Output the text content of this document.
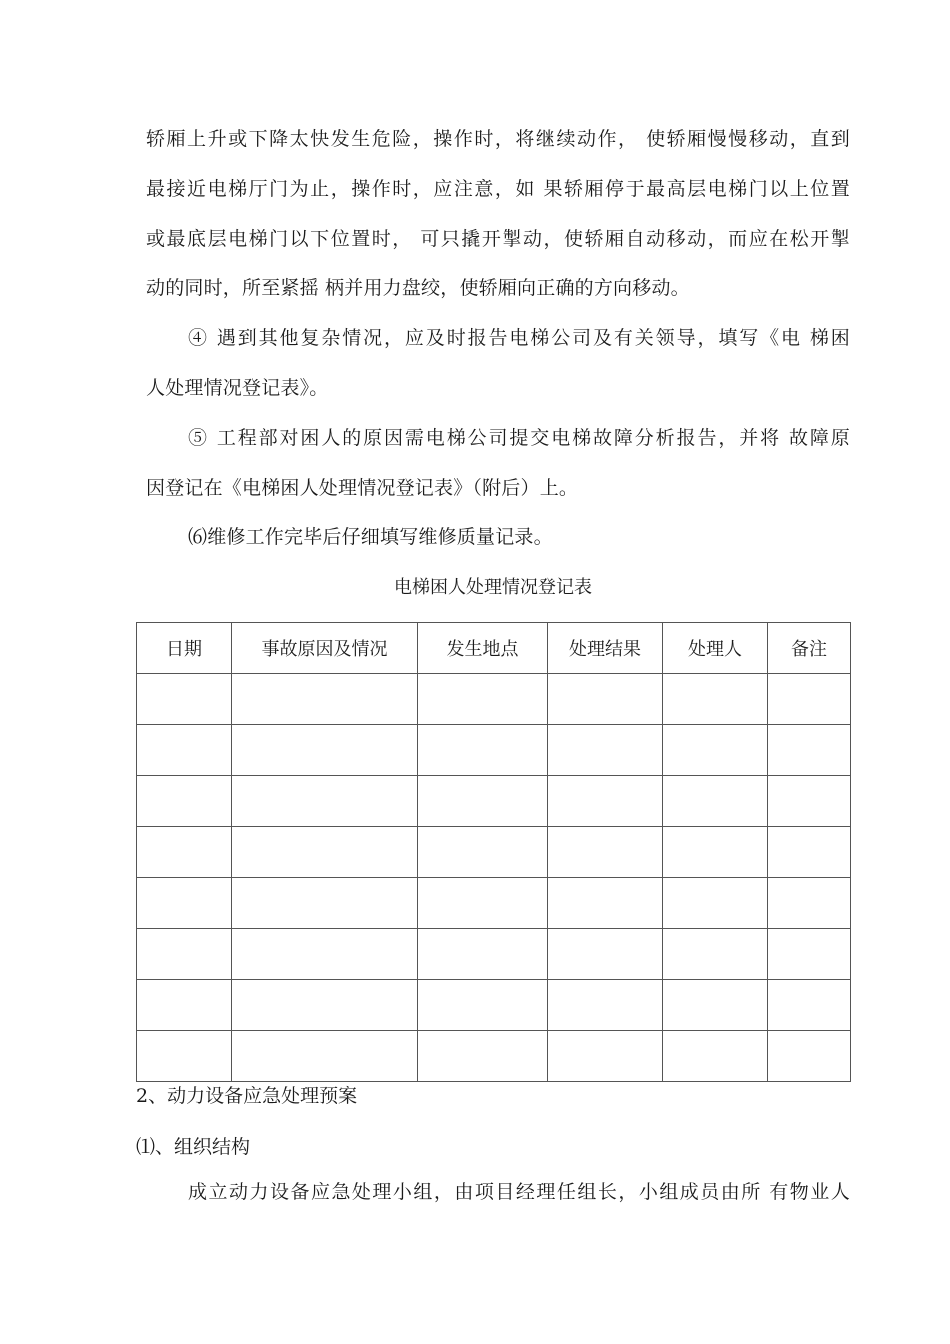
轿厢上升或下降太快发生危险，操作时，将继续动作， 使轿厢慢慢移动，直到
最接近电梯厅门为止，操作时，应注意，如 果轿厢停于最高层电梯门以上位置
或最底层电梯门以下位置时， 可只撬开掣动，使轿厢自动移动，而应在松开掣
动的同时，所至紧摇 柄并用力盘绞，使轿厢向正确的方向移动。
④ 遇到其他复杂情况，应及时报告电梯公司及有关领导，填写《电 梯困
人处理情况登记表》。
⑤ 工程部对困人的原因需电梯公司提交电梯故障分析报告，并将 故障原
因登记在《电梯困人处理情况登记表》（附后）上。
⑹维修工作完毕后仔细填写维修质量记录。
电梯困人处理情况登记表
日期	事故原因及情况	发生地点	处理结果	处理人	备注

2、动力设备应急处理预案
⑴、组织结构
成立动力设备应急处理小组，由项目经理任组长，小组成员由所 有物业人
